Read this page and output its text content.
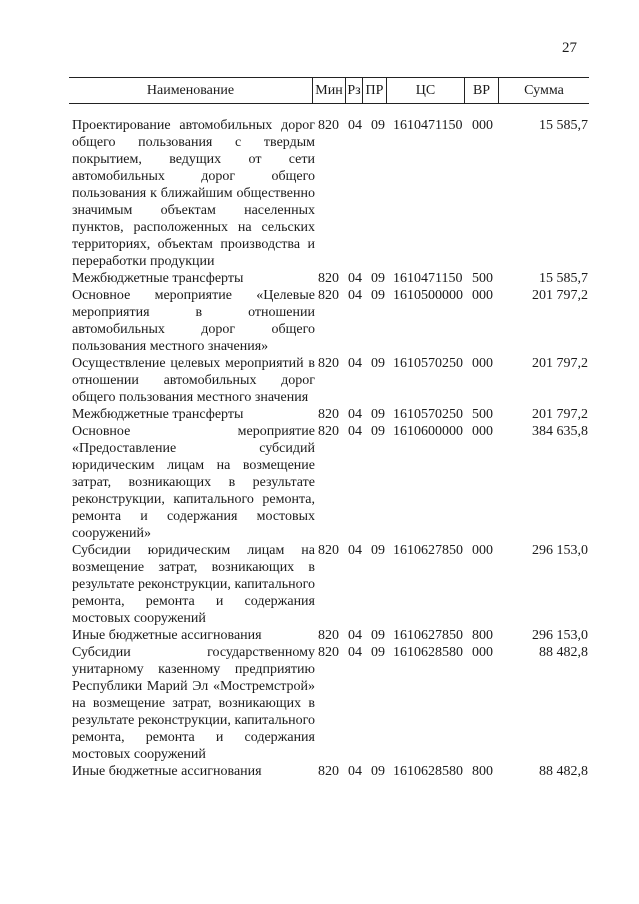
27
Наименование	Мин Рз ПР	ЦС	ВР	Сумма
Проектирование автомобильных дорог общего пользования с твердым покрытием, ведущих от сети автомобильных дорог общего пользования к ближайшим общественно значимым объектам населенных пунктов, расположенных на сельских территориях, объектам производства и переработки продукции
820 04 09 1610471150 000	15 585,7
Межбюджетные трансферты	820 04 09 1610471150 500	15 585,7
Основное мероприятие «Целевые мероприятия в отношении автомобильных дорог общего пользования местного значения»
820 04 09 1610500000 000	201 797,2
Осуществление целевых мероприятий в отношении автомобильных дорог общего пользования местного значения
820 04 09 1610570250 000	201 797,2
Межбюджетные трансферты	820 04 09 1610570250 500	201 797,2
Основное мероприятие «Предоставление субсидий юридическим лицам на возмещение затрат, возникающих в результате реконструкции, капитального ремонта, ремонта и содержания мостовых сооружений»
820 04 09 1610600000 000	384 635,8
Субсидии юридическим лицам на возмещение затрат, возникающих в результате реконструкции, капитального ремонта, ремонта и содержания мостовых сооружений
820 04 09 1610627850 000	296 153,0
Иные бюджетные ассигнования	820 04 09 1610627850 800	296 153,0
Субсидии государственному унитарному казенному предприятию Республики Марий Эл «Мостремстрой» на возмещение затрат, возникающих в результате реконструкции, капитального ремонта, ремонта и содержания мостовых сооружений
820 04 09 1610628580 000	88 482,8
Иные бюджетные ассигнования	820 04 09 1610628580 800	88 482,8
